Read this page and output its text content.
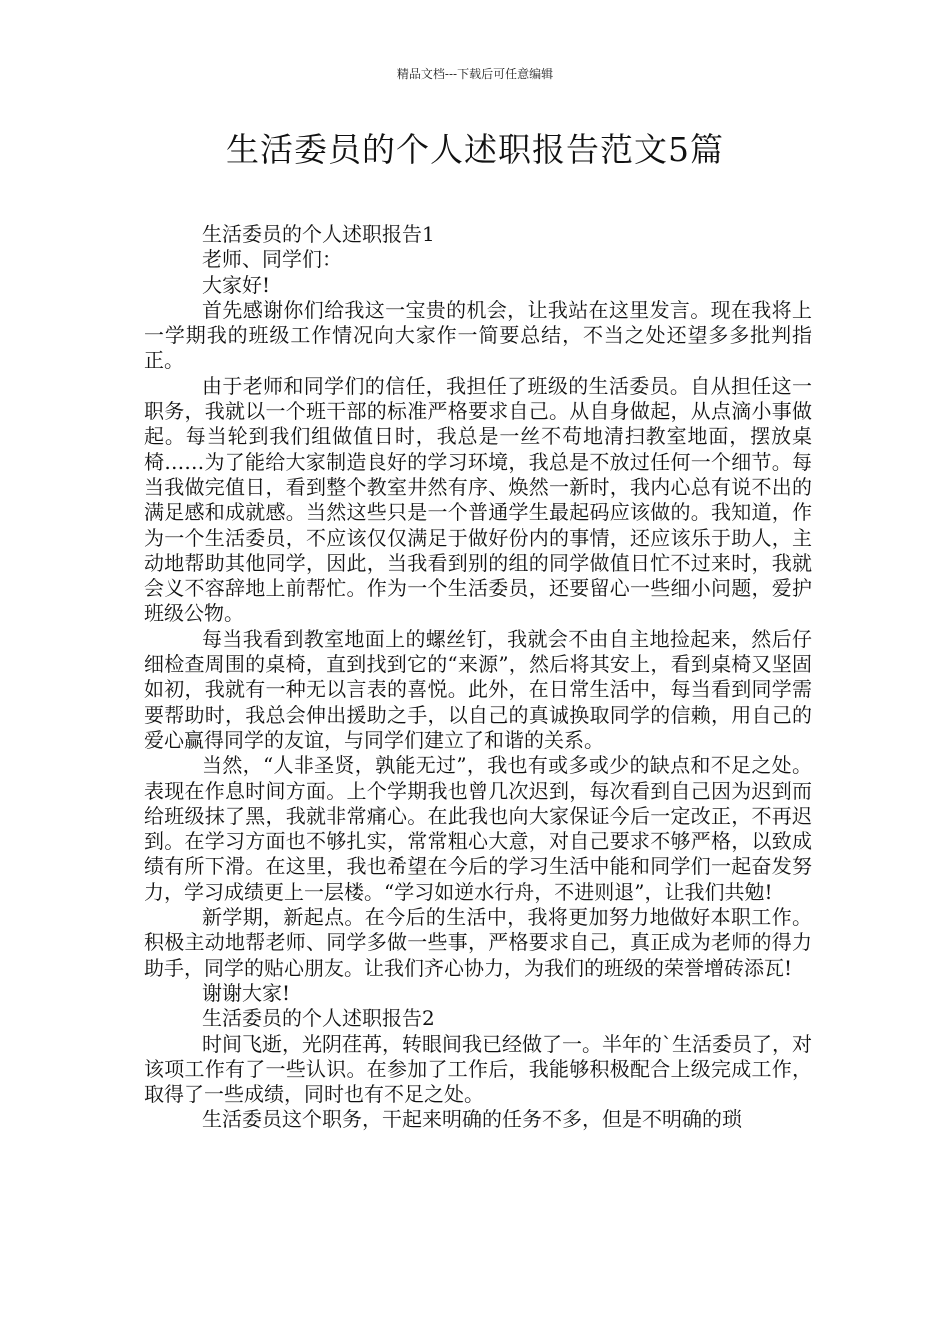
精品文档---下载后可任意编辑
生活委员的个人述职报告范文5篇

生活委员的个人述职报告1

老师、同学们：

大家好!

首先感谢你们给我这一宝贵的机会，让我站在这里发言。现在我将上一学期我的班级工作情况向大家作一简要总结，不当之处还望多多批判指正。

由于老师和同学们的信任，我担任了班级的生活委员。自从担任这一职务，我就以一个班干部的标准严格要求自己。从自身做起，从点滴小事做起。每当轮到我们组做值日时，我总是一丝不苟地清扫教室地面，摆放桌椅……为了能给大家制造良好的学习环境，我总是不放过任何一个细节。每当我做完值日，看到整个教室井然有序、焕然一新时，我内心总有说不出的满足感和成就感。当然这些只是一个普通学生最起码应该做的。我知道，作为一个生活委员，不应该仅仅满足于做好份内的事情，还应该乐于助人，主动地帮助其他同学，因此，当我看到别的组的同学做值日忙不过来时，我就会义不容辞地上前帮忙。作为一个生活委员，还要留心一些细小问题，爱护班级公物。

每当我看到教室地面上的螺丝钉，我就会不由自主地捡起来，然后仔细检查周围的桌椅，直到找到它的“来源”，然后将其安上，看到桌椅又坚固如初，我就有一种无以言表的喜悦。此外，在日常生活中，每当看到同学需要帮助时，我总会伸出援助之手，以自己的真诚换取同学的信赖，用自己的爱心赢得同学的友谊，与同学们建立了和谐的关系。

当然，“人非圣贤，孰能无过”，我也有或多或少的缺点和不足之处。表现在作息时间方面。上个学期我也曾几次迟到，每次看到自己因为迟到而给班级抹了黑，我就非常痛心。在此我也向大家保证今后一定改正，不再迟到。在学习方面也不够扎实，常常粗心大意，对自己要求不够严格，以致成绩有所下滑。在这里，我也希望在今后的学习生活中能和同学们一起奋发努力，学习成绩更上一层楼。“学习如逆水行舟，不进则退”，让我们共勉!

新学期，新起点。在今后的生活中，我将更加努力地做好本职工作。积极主动地帮老师、同学多做一些事，严格要求自己，真正成为老师的得力助手，同学的贴心朋友。让我们齐心协力，为我们的班级的荣誉增砖添瓦!

谢谢大家!

生活委员的个人述职报告2

时间飞逝，光阴荏苒，转眼间我已经做了一。半年的`生活委员了，对该项工作有了一些认识。在参加了工作后，我能够积极配合上级完成工作，取得了一些成绩，同时也有不足之处。

生活委员这个职务，干起来明确的任务不多，但是不明确的琐
